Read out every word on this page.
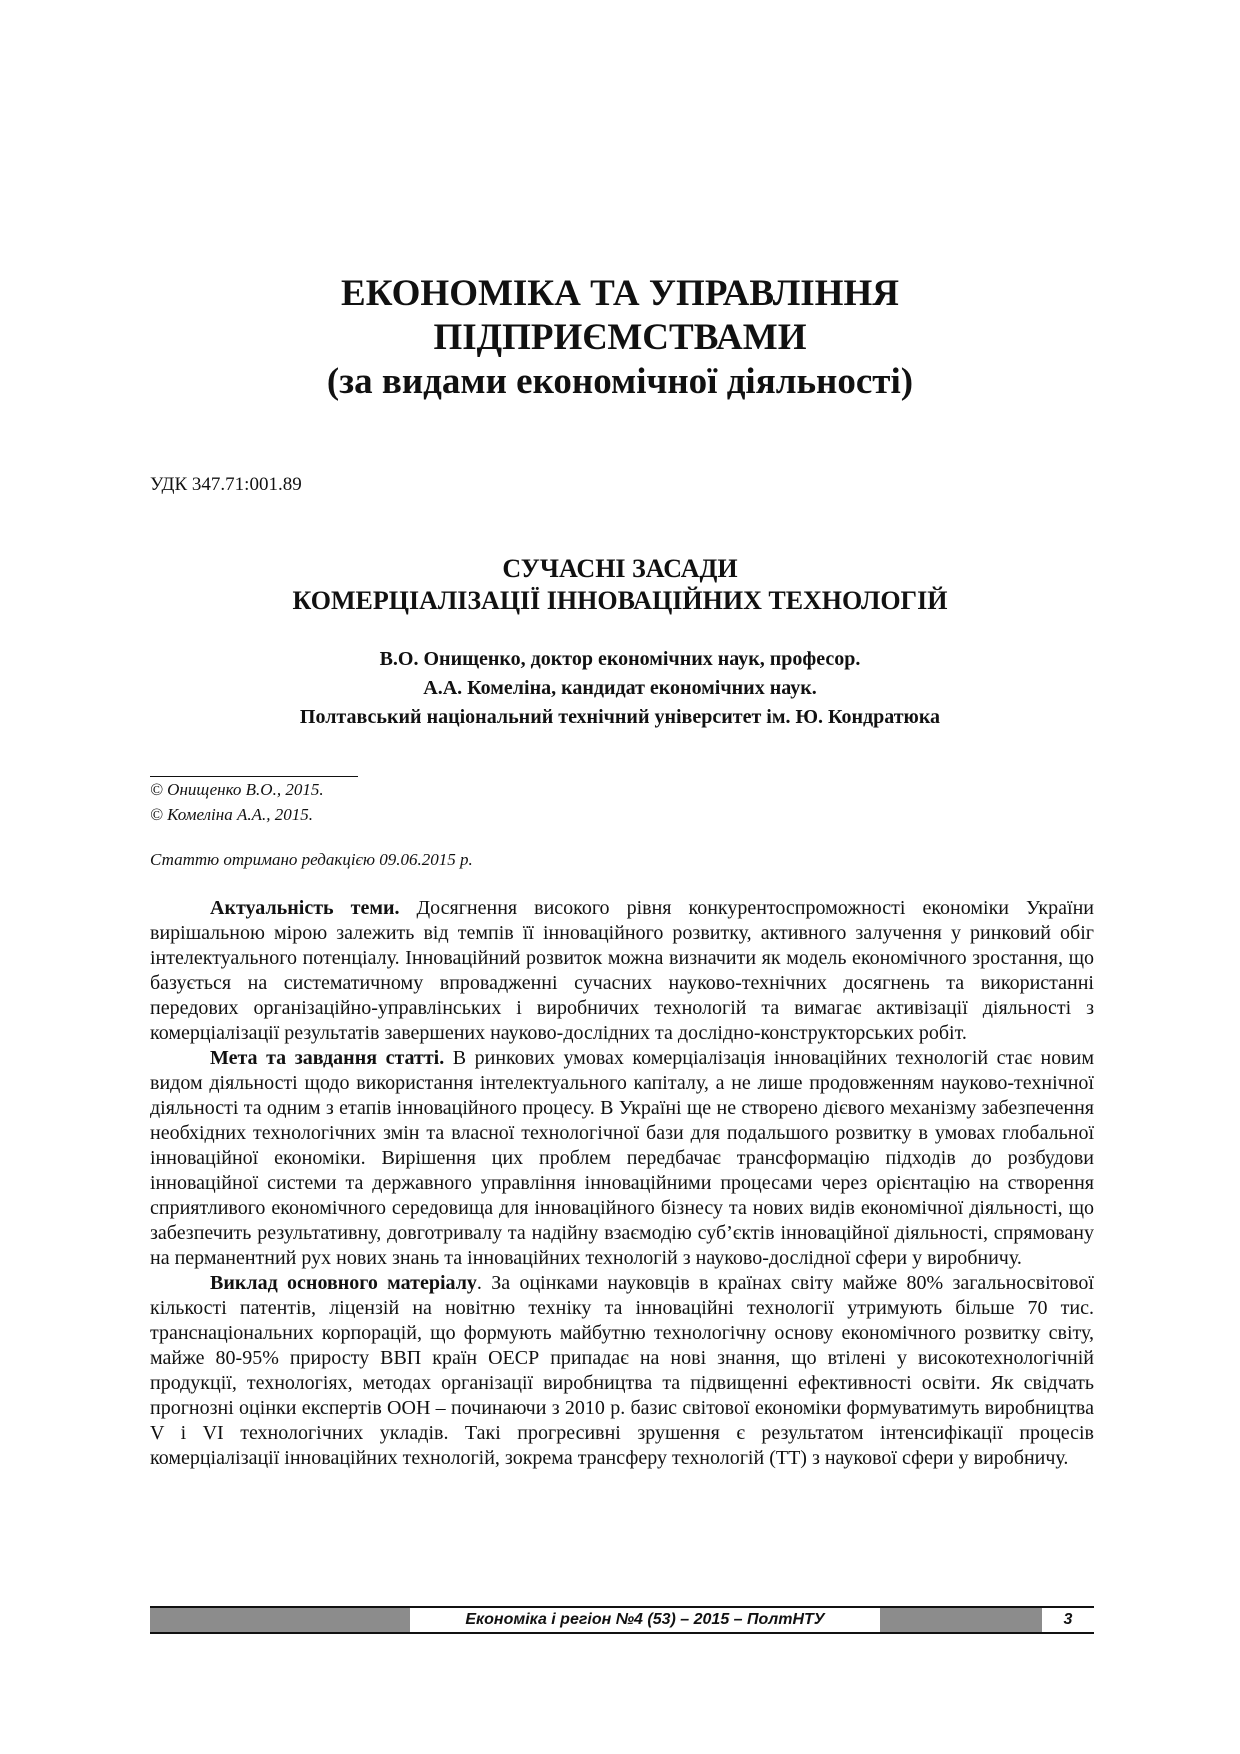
ЕКОНОМІКА ТА УПРАВЛІННЯ
ПІДПРИЄМСТВАМИ
(за видами економічної діяльності)
УДК 347.71:001.89
СУЧАСНІ ЗАСАДИ
КОМЕРЦІАЛІЗАЦІЇ ІННОВАЦІЙНИХ ТЕХНОЛОГІЙ
В.О. Онищенко, доктор економічних наук, професор.
А.А. Комеліна, кандидат економічних наук.
Полтавський національний технічний університет ім. Ю. Кондратюка
© Онищенко В.О., 2015.
© Комеліна А.А., 2015.
Статтю отримано редакцією 09.06.2015 р.

Актуальність теми. Досягнення високого рівня конкурентоспроможності економіки України вирішальною мірою залежить від темпів її інноваційного розвитку, активного залучення у ринковий обіг інтелектуального потенціалу. Інноваційний розвиток можна визначити як модель економічного зростання, що базується на систематичному впровадженні сучасних науково-технічних досягнень та використанні передових організаційно-управлінських і виробничих технологій та вимагає активізації діяльності з комерціалізації результатів завершених науково-дослідних та дослідно-конструкторських робіт.

Мета та завдання статті. В ринкових умовах комерціалізація інноваційних технологій стає новим видом діяльності щодо використання інтелектуального капіталу, а не лише продовженням науково-технічної діяльності та одним з етапів інноваційного процесу. В Україні ще не створено дієвого механізму забезпечення необхідних технологічних змін та власної технологічної бази для подальшого розвитку в умовах глобальної інноваційної економіки. Вирішення цих проблем передбачає трансформацію підходів до розбудови інноваційної системи та державного управління інноваційними процесами через орієнтацію на створення сприятливого економічного середовища для інноваційного бізнесу та нових видів економічної діяльності, що забезпечить результативну, довготривалу та надійну взаємодію суб’єктів інноваційної діяльності, спрямовану на перманентний рух нових знань та інноваційних технологій з науково-дослідної сфери у виробничу.

Виклад основного матеріалу. За оцінками науковців в країнах світу майже 80% загальносвітової кількості патентів, ліцензій на новітню техніку та інноваційні технології утримують більше 70 тис. транснаціональних корпорацій, що формують майбутню технологічну основу економічного розвитку світу, майже 80-95% приросту ВВП країн ОЕСР припадає на нові знання, що втілені у високотехнологічній продукції, технологіях, методах організації виробництва та підвищенні ефективності освіти. Як свідчать прогнозні оцінки експертів ООН – починаючи з 2010 р. базис світової економіки формуватимуть виробництва V і VI технологічних укладів. Такі прогресивні зрушення є результатом інтенсифікації процесів комерціалізації інноваційних технологій, зокрема трансферу технологій (ТТ) з наукової сфери у виробничу.

Економіка і регіон №4 (53) – 2015 – ПолтНТУ	3
